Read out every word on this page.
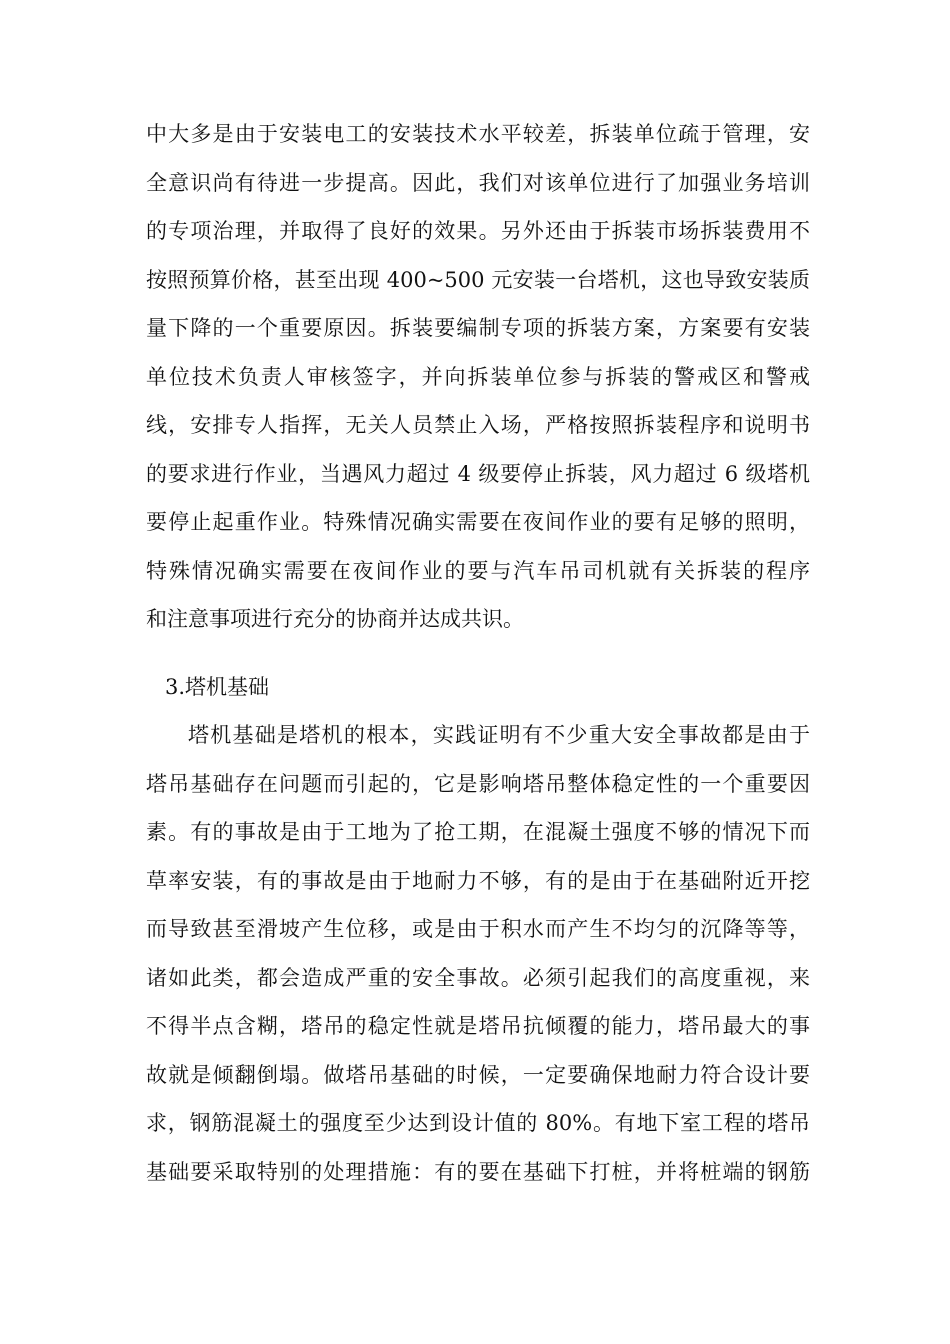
中大多是由于安装电工的安装技术水平较差，拆装单位疏于管理，安
全意识尚有待进一步提高。因此，我们对该单位进行了加强业务培训
的专项治理，并取得了良好的效果。另外还由于拆装市场拆装费用不
按照预算价格，甚至出现 400~500 元安装一台塔机，这也导致安装质
量下降的一个重要原因。拆装要编制专项的拆装方案，方案要有安装
单位技术负责人审核签字，并向拆装单位参与拆装的警戒区和警戒
线，安排专人指挥，无关人员禁止入场，严格按照拆装程序和说明书
的要求进行作业，当遇风力超过 4 级要停止拆装，风力超过 6 级塔机
要停止起重作业。特殊情况确实需要在夜间作业的要有足够的照明，
特殊情况确实需要在夜间作业的要与汽车吊司机就有关拆装的程序
和注意事项进行充分的协商并达成共识。
3.塔机基础
塔机基础是塔机的根本，实践证明有不少重大安全事故都是由于
塔吊基础存在问题而引起的，它是影响塔吊整体稳定性的一个重要因
素。有的事故是由于工地为了抢工期，在混凝土强度不够的情况下而
草率安装，有的事故是由于地耐力不够，有的是由于在基础附近开挖
而导致甚至滑坡产生位移，或是由于积水而产生不均匀的沉降等等，
诸如此类，都会造成严重的安全事故。必须引起我们的高度重视，来
不得半点含糊，塔吊的稳定性就是塔吊抗倾覆的能力，塔吊最大的事
故就是倾翻倒塌。做塔吊基础的时候，一定要确保地耐力符合设计要
求，钢筋混凝土的强度至少达到设计值的 80%。有地下室工程的塔吊
基础要采取特别的处理措施：有的要在基础下打桩，并将桩端的钢筋
